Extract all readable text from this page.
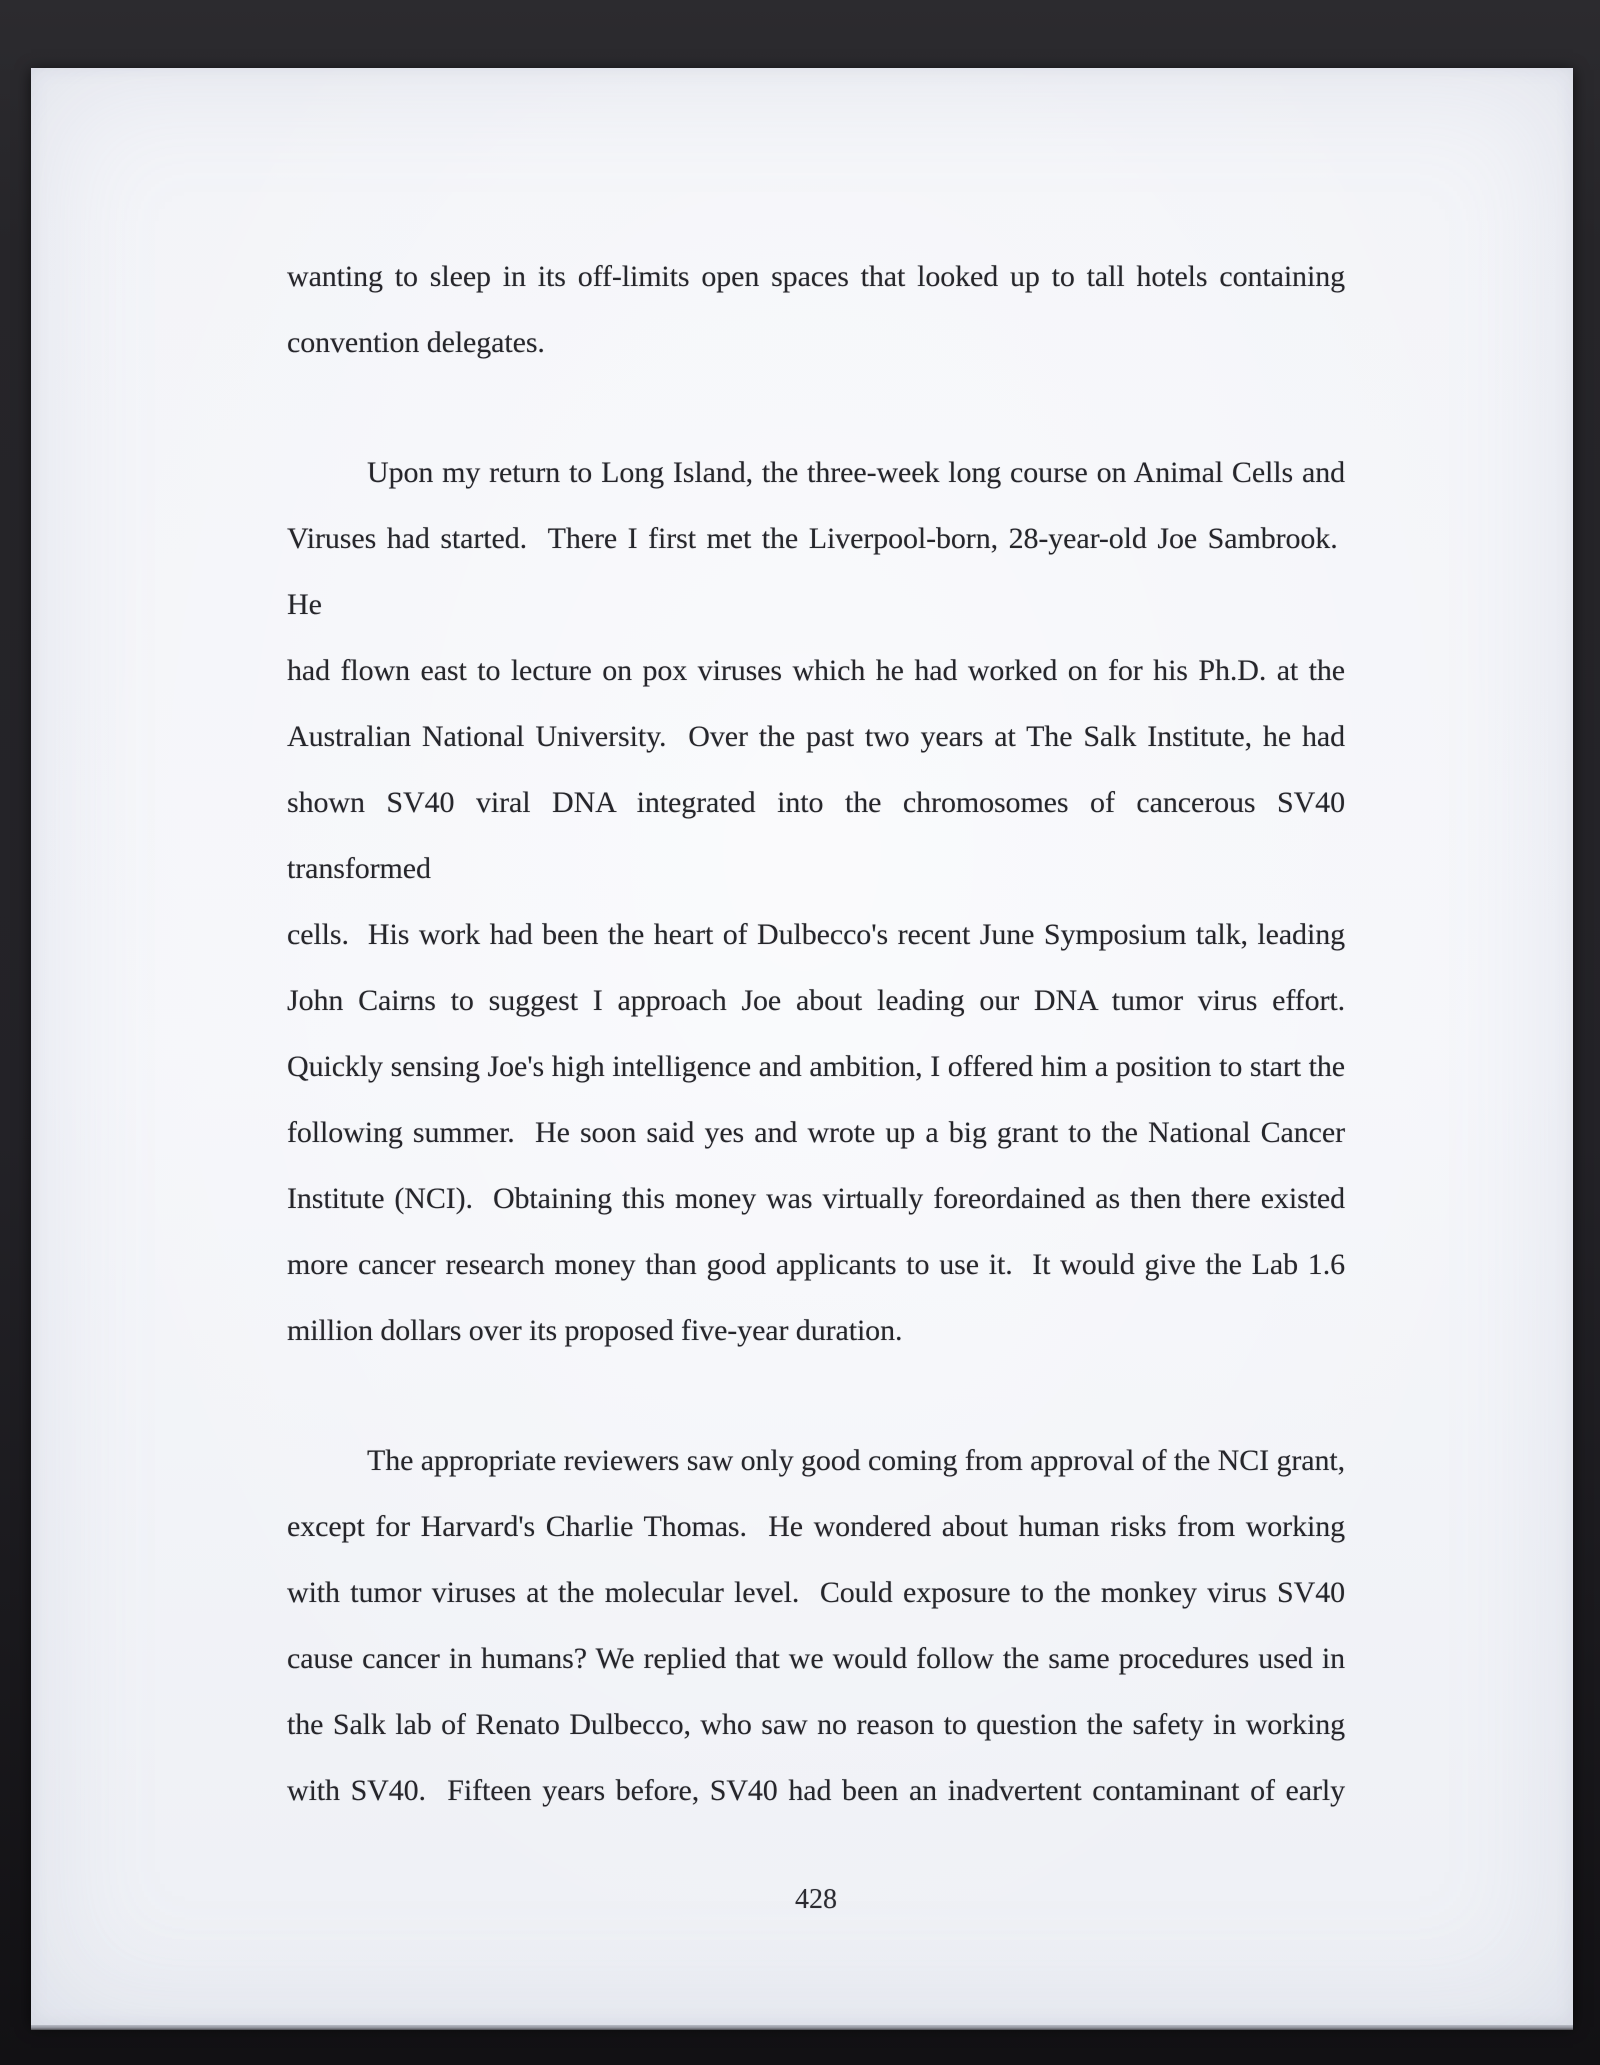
wanting to sleep in its off-limits open spaces that looked up to tall hotels containing
convention delegates.
Upon my return to Long Island, the three-week long course on Animal Cells and
Viruses had started.  There I first met the Liverpool-born, 28-year-old Joe Sambrook.  He
had flown east to lecture on pox viruses which he had worked on for his Ph.D. at the
Australian National University.  Over the past two years at The Salk Institute, he had
shown SV40 viral DNA integrated into the chromosomes of cancerous SV40 transformed
cells.  His work had been the heart of Dulbecco's recent June Symposium talk, leading
John Cairns to suggest I approach Joe about leading our DNA tumor virus effort.
Quickly sensing Joe's high intelligence and ambition, I offered him a position to start the
following summer.  He soon said yes and wrote up a big grant to the National Cancer
Institute (NCI).  Obtaining this money was virtually foreordained as then there existed
more cancer research money than good applicants to use it.  It would give the Lab 1.6
million dollars over its proposed five-year duration.
The appropriate reviewers saw only good coming from approval of the NCI grant,
except for Harvard's Charlie Thomas.  He wondered about human risks from working
with tumor viruses at the molecular level.  Could exposure to the monkey virus SV40
cause cancer in humans? We replied that we would follow the same procedures used in
the Salk lab of Renato Dulbecco, who saw no reason to question the safety in working
with SV40.  Fifteen years before, SV40 had been an inadvertent contaminant of early
428
